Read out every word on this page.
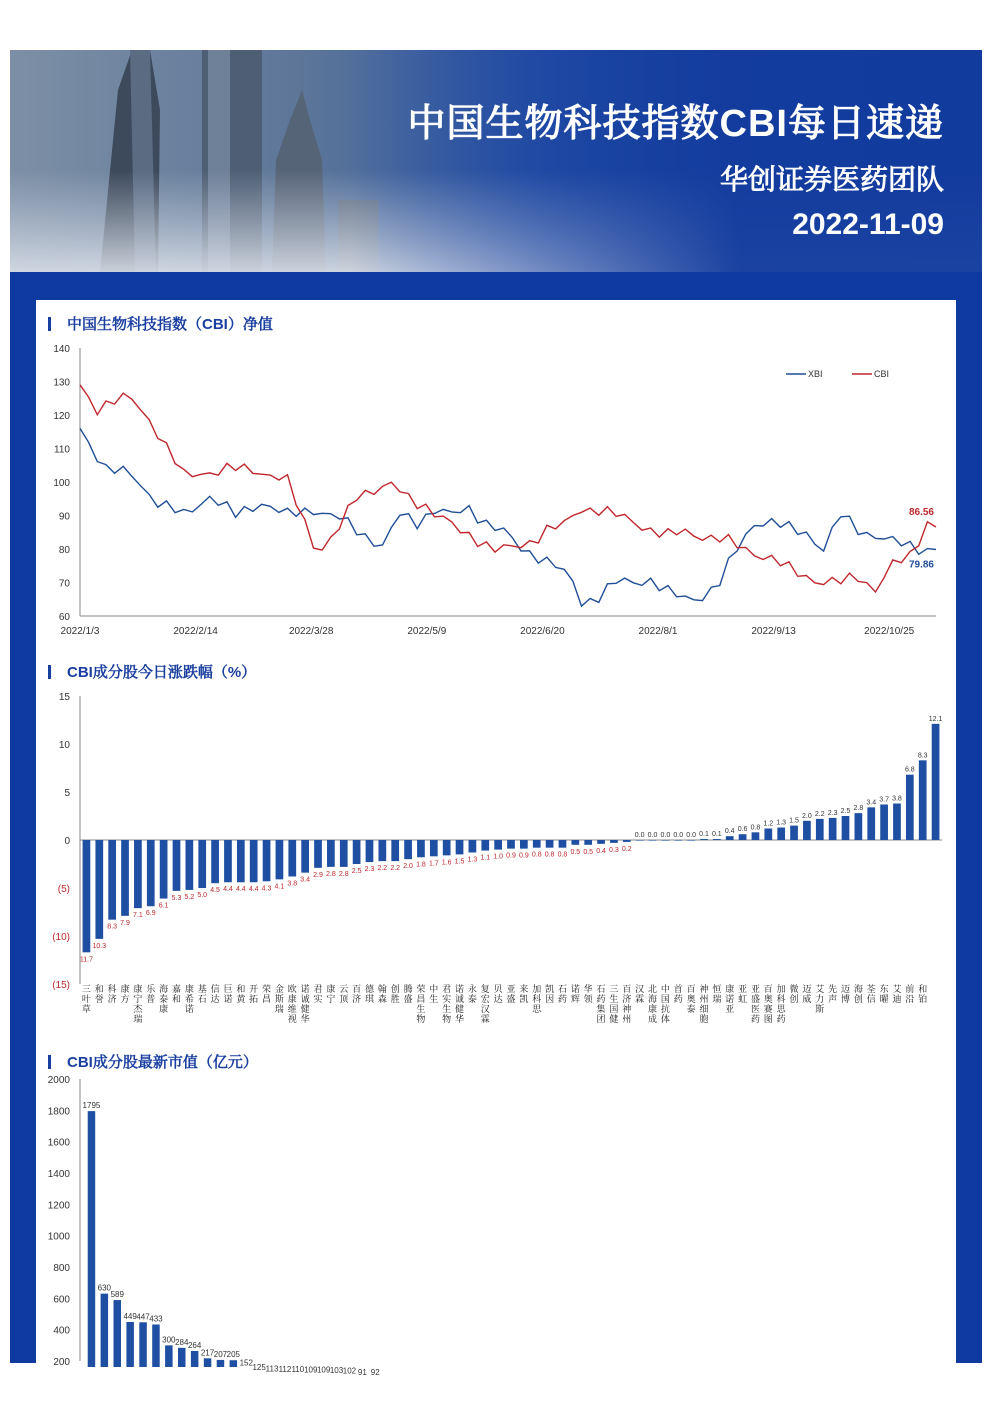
中国生物科技指数CBI每日速递
华创证券医药团队
2022-11-09
中国生物科技指数（CBI）净值
60
70
80
90
100
110
120
130
140
2022/1/3	2022/2/14	2022/3/28	2022/5/9	2022/6/20	2022/8/1	2022/9/13	2022/10/25
79.86
XBI
86.56
CBI
CBI成分股今日涨跌幅（%）
(15)
(10)
(5)
0
5
10
15
11.7
三叶草
10.3
和誉
8.3
科济
7.9
康方
7.1
康宁杰瑞
6.9
乐普
6.1
海泰康
5.3
嘉和
5.2
康希诺
5.0
基石
4.5
信达
4.4
巨诺
4.4
和黄
4.4
开拓
4.3
荣昌
4.1
金斯瑞
3.8
欧康维视
3.4
诺诚健华
2.9
君实
2.8
康宁
2.8
云顶
2.5
百济
2.3
德琪
2.2
翰森
2.2
创胜
2.0
腾盛
1.8
荣昌生物
1.7
中生
1.6
君实生物
1.5
诺诚健华
1.3
永泰
1.1
复宏汉霖
1.0
贝达
0.9
亚盛
0.9
来凯
0.8
加科思
0.8
凯因
0.8
石药
0.5
诺辉
0.5
华领
0.4
石药集团
0.3
三生国健
0.2
百济神州
0.0
汉霖
0.0
北海康成
0.0
中国抗体
0.0
首药
0.0
百奥泰
0.1
神州细胞
0.1
恒瑞
0.4
康诺亚
0.6
亚虹
0.8
亚盛医药
1.2
百奥赛图
1.3
加科思药
1.5
微创
2.0
迈威
2.2
艾力斯
2.3
先声
2.5
迈博
2.8
海创
3.4
荃信
3.7
东曜
3.8
艾迪
6.8
前沿
8.3
和铂
12.1
CBI成分股最新市值（亿元）
200
400
600
800
1000
1200
1400
1600
1800
2000
1795
630
589
449 447 433
300 284 264
217 207 205
152 125 113 112 110 109 109 103 102 91 92
